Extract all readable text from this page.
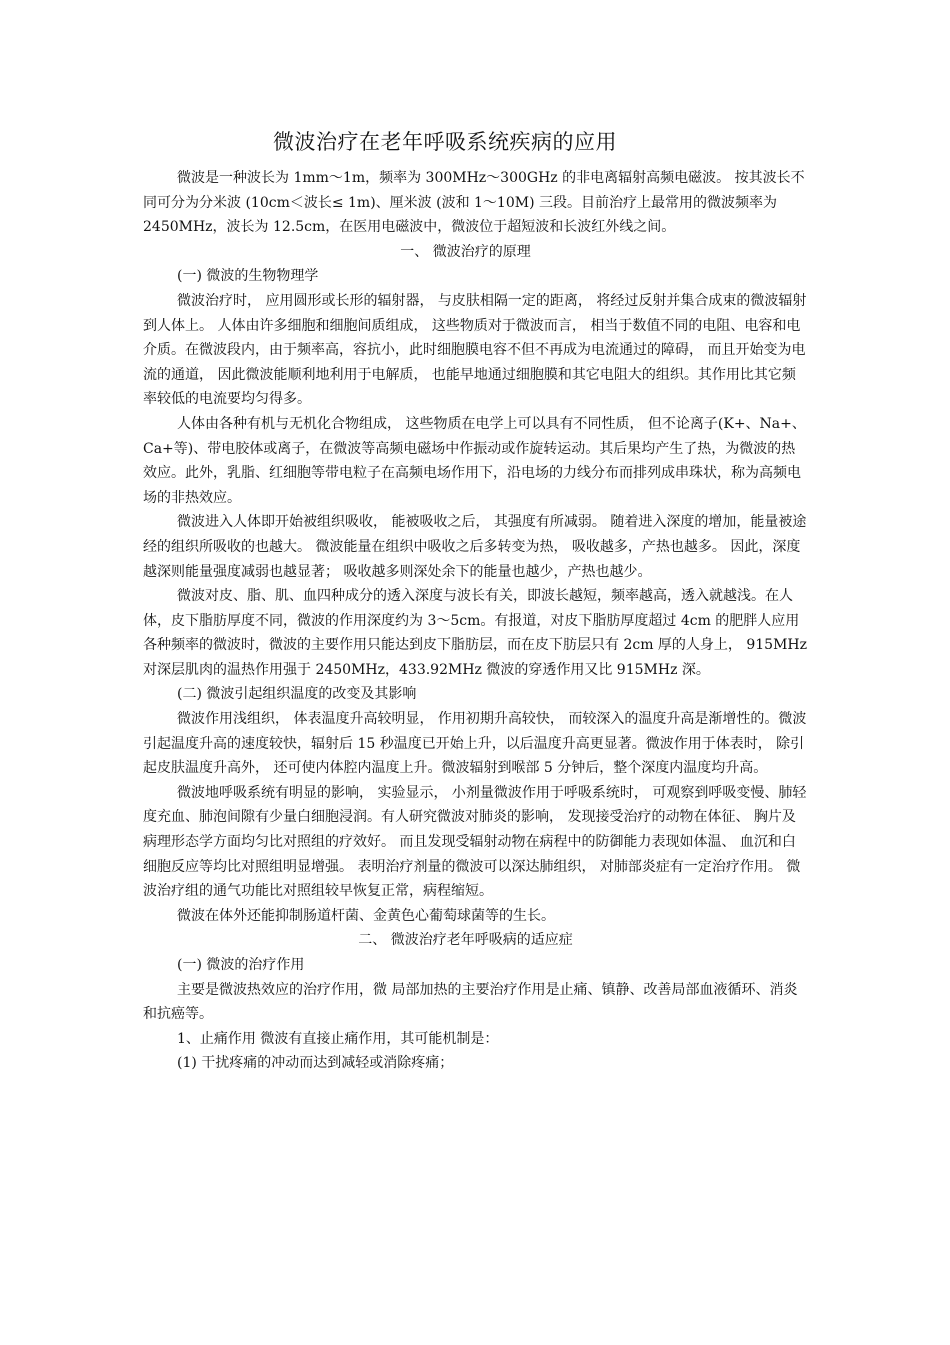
微波治疗在老年呼吸系统疾病的应用

微波是一种波长为 1mm～1m，频率为 300MHz～300GHz 的非电离辐射高频电磁波。 按其波长不同可分为分米波 (10cm＜波长≤ 1m)、厘米波 (波和 1～10M) 三段。目前治疗上最常用的微波频率为 2450MHz，波长为 12.5cm，在医用电磁波中，微波位于超短波和长波红外线之间。

一、 微波治疗的原理

(一) 微波的生物物理学

微波治疗时， 应用圆形或长形的辐射器， 与皮肤相隔一定的距离， 将经过反射并集合成束的微波辐射到人体上。 人体由许多细胞和细胞间质组成， 这些物质对于微波而言， 相当于数值不同的电阻、电容和电介质。在微波段内，由于频率高，容抗小，此时细胞膜电容不但不再成为电流通过的障碍， 而且开始变为电流的通道， 因此微波能顺利地利用于电解质， 也能早地通过细胞膜和其它电阻大的组织。其作用比其它频率较低的电流要均匀得多。

人体由各种有机与无机化合物组成， 这些物质在电学上可以具有不同性质， 但不论离子(K+、Na+、Ca+等)、带电胶体或离子，在微波等高频电磁场中作振动或作旋转运动。其后果均产生了热，为微波的热效应。此外，乳脂、红细胞等带电粒子在高频电场作用下，沿电场的力线分布而排列成串珠状，称为高频电场的非热效应。

微波进入人体即开始被组织吸收， 能被吸收之后， 其强度有所减弱。 随着进入深度的增加，能量被途经的组织所吸收的也越大。 微波能量在组织中吸收之后多转变为热， 吸收越多，产热也越多。 因此，深度越深则能量强度减弱也越显著； 吸收越多则深处余下的能量也越少，产热也越少。

微波对皮、脂、肌、血四种成分的透入深度与波长有关，即波长越短，频率越高，透入就越浅。在人体，皮下脂肪厚度不同，微波的作用深度约为 3～5cm。有报道，对皮下脂肪厚度超过 4cm 的肥胖人应用各种频率的微波时，微波的主要作用只能达到皮下脂肪层，而在皮下肪层只有 2cm 厚的人身上， 915MHz 对深层肌肉的温热作用强于 2450MHz，433.92MHz 微波的穿透作用又比 915MHz 深。

(二) 微波引起组织温度的改变及其影响

微波作用浅组织， 体表温度升高较明显， 作用初期升高较快， 而较深入的温度升高是渐增性的。微波引起温度升高的速度较快，辐射后 15 秒温度已开始上升，以后温度升高更显著。微波作用于体表时， 除引起皮肤温度升高外， 还可使内体腔内温度上升。微波辐射到喉部 5 分钟后，整个深度内温度均升高。

微波地呼吸系统有明显的影响， 实验显示， 小剂量微波作用于呼吸系统时， 可观察到呼吸变慢、肺轻度充血、肺泡间隙有少量白细胞浸润。有人研究微波对肺炎的影响， 发现接受治疗的动物在体征、 胸片及病理形态学方面均匀比对照组的疗效好。 而且发现受辐射动物在病程中的防御能力表现如体温、 血沉和白细胞反应等均比对照组明显增强。 表明治疗剂量的微波可以深达肺组织， 对肺部炎症有一定治疗作用。 微波治疗组的通气功能比对照组较早恢复正常，病程缩短。

微波在体外还能抑制肠道杆菌、金黄色心葡萄球菌等的生长。

二、 微波治疗老年呼吸病的适应症

(一) 微波的治疗作用

主要是微波热效应的治疗作用，微 局部加热的主要治疗作用是止痛、镇静、改善局部血液循环、消炎和抗癌等。

1、止痛作用 微波有直接止痛作用，其可能机制是：

(1) 干扰疼痛的冲动而达到减轻或消除疼痛；
